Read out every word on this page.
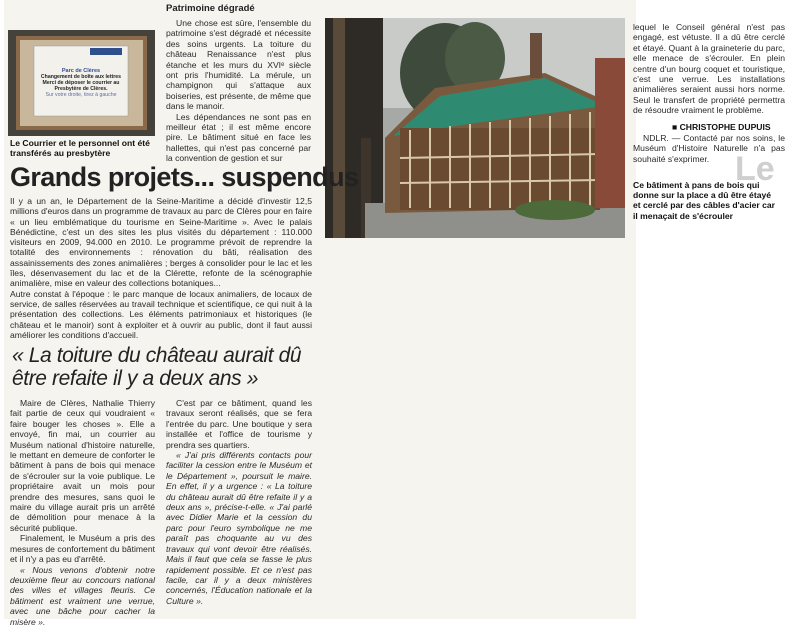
Parc de Clères
Changement de boîte aux lettres
Merci de déposer le courrier au
Presbytère de Clères.
Sur votre droite, tirez à gauche
Le Courrier et le personnel ont été transférés au presbytère
Patrimoine dégradé

Une chose est sûre, l'ensemble du patrimoine s'est dégradé et nécessite des soins urgents. La toiture du château Renaissance n'est plus étanche et les murs du XVIᵉ siècle ont pris l'humidité. La mérule, un champignon qui s'attaque aux boiseries, est présente, de même que dans le manoir.

Les dépendances ne sont pas en meilleur état ; il est même encore pire. Le bâtiment situé en face les hallettes, qui n'est pas concerné par la convention de gestion et sur

Ce bâtiment à pans de bois qui donne sur la place a dû être étayé et cerclé par des câbles d'acier car il menaçait de s'écrouler

lequel le Conseil général n'est pas engagé, est vétuste. Il a dû être cerclé et étayé. Quant à la graineterie du parc, elle menace de s'écrouler. En plein centre d'un bourg coquet et touristique, c'est une verrue. Les installations animalières seraient aussi hors norme. Seul le transfert de propriété permettra de résoudre vraiment le problème.

■ CHRISTOPHE DUPUIS

NDLR. — Contacté par nos soins, le Muséum d'Histoire Naturelle n'a pas souhaité s'exprimer. Le
Grands projets... suspendus

Il y a un an, le Département de la Seine-Maritime a décidé d'investir 12,5 millions d'euros dans un programme de travaux au parc de Clères pour en faire « un lieu emblématique du tourisme en Seine-Maritime ». Avec le palais Bénédictine, c'est un des sites les plus visités du département : 110.000 visiteurs en 2009, 94.000 en 2010. Le programme prévoit de reprendre la totalité des environnements : rénovation du bâti, réalisation des assainissements des zones animalières ; berges à consolider pour le lac et les îles, désenvasement du lac et de la Clérette, refonte de la scénographie animalière, mise en valeur des collections botaniques...

Autre constat à l'époque : le parc manque de locaux animaliers, de locaux de service, de salles réservées au travail technique et scientifique, ce qui nuit à la présentation des collections. Les éléments patrimoniaux et historiques (le château et le manoir) sont à exploiter et à ouvrir au public, dont il faut aussi améliorer les conditions d'accueil.

« La toiture du château aurait dû être refaite il y a deux ans »

Maire de Clères, Nathalie Thierry fait partie de ceux qui voudraient « faire bouger les choses ». Elle a envoyé, fin mai, un courrier au Muséum national d'histoire naturelle, le mettant en demeure de conforter le bâtiment à pans de bois qui menace de s'écrouler sur la voie publique. Le propriétaire avait un mois pour prendre des mesures, sans quoi le maire du village aurait pris un arrêté de démolition pour menace à la sécurité publique.

Finalement, le Muséum a pris des mesures de confortement du bâtiment et il n'y a pas eu d'arrêté.

« Nous venons d'obtenir notre deuxième fleur au concours national des villes et villages fleuris. Ce bâtiment est vraiment une verrue, avec une bâche pour cacher la misère ».

C'est par ce bâtiment, quand les travaux seront réalisés, que se fera l'entrée du parc. Une boutique y sera installée et l'office de tourisme y prendra ses quartiers.

« J'ai pris différents contacts pour faciliter la cession entre le Muséum et le Département », poursuit le maire. En effet, il y a urgence : « La toiture du château aurait dû être refaite il y a deux ans », précise-t-elle. « J'ai parlé avec Didier Marie et la cession du parc pour l'euro symbolique ne me paraît pas choquante au vu des travaux qui vont devoir être réalisés. Mais il faut que cela se fasse le plus rapidement possible. Et ce n'est pas facile, car il y a deux ministères concernés, l'Éducation nationale et la Culture ».
